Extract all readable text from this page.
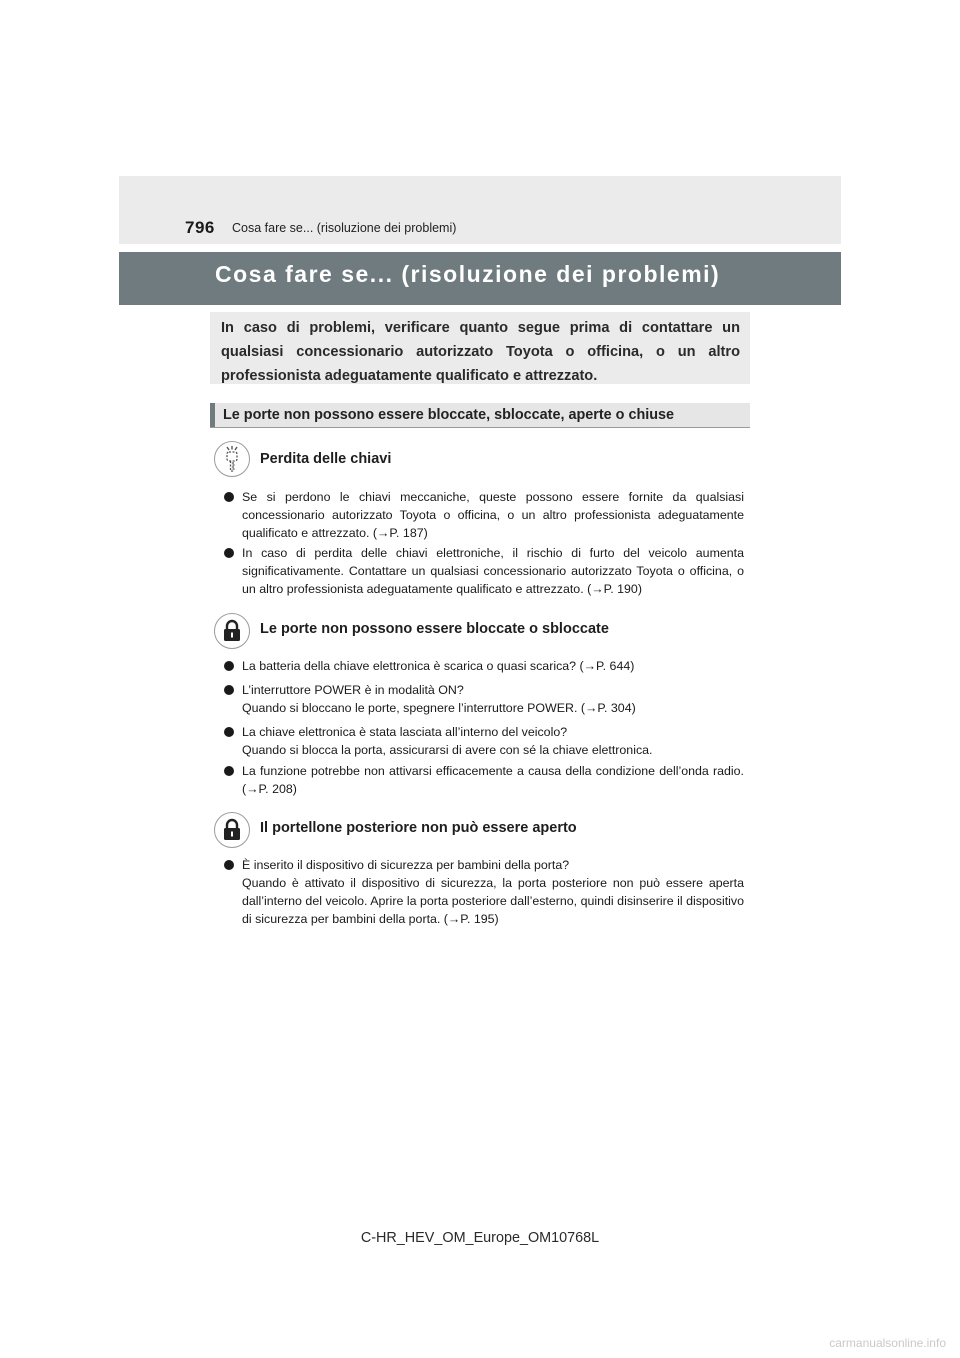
796 Cosa fare se... (risoluzione dei problemi)
Cosa fare se... (risoluzione dei problemi)
In caso di problemi, verificare quanto segue prima di contattare un qualsiasi concessionario autorizzato Toyota o officina, o un altro professionista adeguatamente qualificato e attrezzato.
Le porte non possono essere bloccate, sbloccate, aperte o chiuse
Perdita delle chiavi
Se si perdono le chiavi meccaniche, queste possono essere fornite da qualsiasi concessionario autorizzato Toyota o officina, o un altro professionista adeguatamente qualificato e attrezzato. (→P. 187)
In caso di perdita delle chiavi elettroniche, il rischio di furto del veicolo aumenta significativamente. Contattare un qualsiasi concessionario autorizzato Toyota o officina, o un altro professionista adeguatamente qualificato e attrezzato. (→P. 190)
Le porte non possono essere bloccate o sbloccate
La batteria della chiave elettronica è scarica o quasi scarica? (→P. 644)
L’interruttore POWER è in modalità ON?
Quando si bloccano le porte, spegnere l’interruttore POWER. (→P. 304)
La chiave elettronica è stata lasciata all’interno del veicolo?
Quando si blocca la porta, assicurarsi di avere con sé la chiave elettronica.
La funzione potrebbe non attivarsi efficacemente a causa della condizione dell’onda radio. (→P. 208)
Il portellone posteriore non può essere aperto
È inserito il dispositivo di sicurezza per bambini della porta?
Quando è attivato il dispositivo di sicurezza, la porta posteriore non può essere aperta dall’interno del veicolo. Aprire la porta posteriore dall’esterno, quindi disinserire il dispositivo di sicurezza per bambini della porta. (→P. 195)
C-HR_HEV_OM_Europe_OM10768L
carmanualsonline.info
